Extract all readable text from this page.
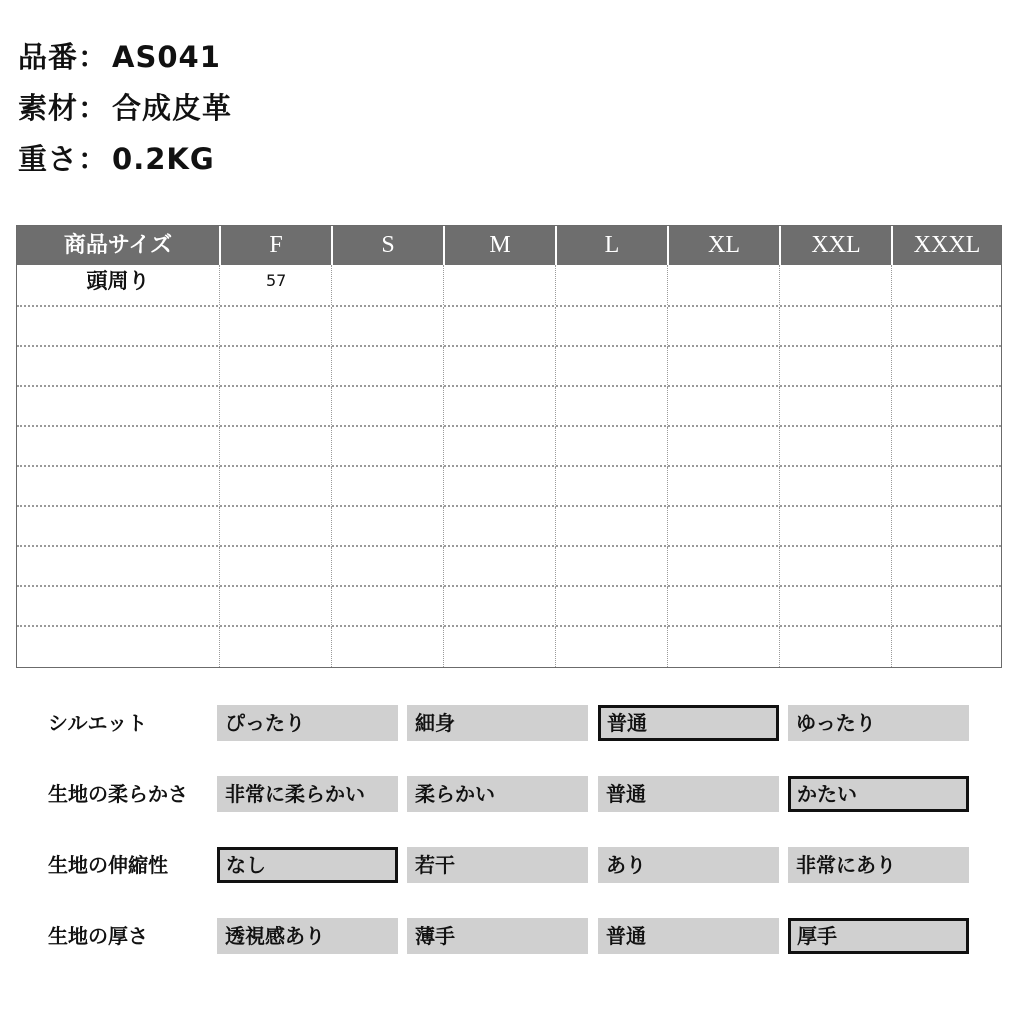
品番： AS041
素材： 合成皮革
重さ： 0.2KG
商品サイズ	F	S	M	L	XL	XXL	XXXL
頭周り	57
シルエット	ぴったり	細身	普通	ゆったり
生地の柔らかさ	非常に柔らかい	柔らかい	普通	かたい
生地の伸縮性	なし	若干	あり	非常にあり
生地の厚さ	透視感あり	薄手	普通	厚手
